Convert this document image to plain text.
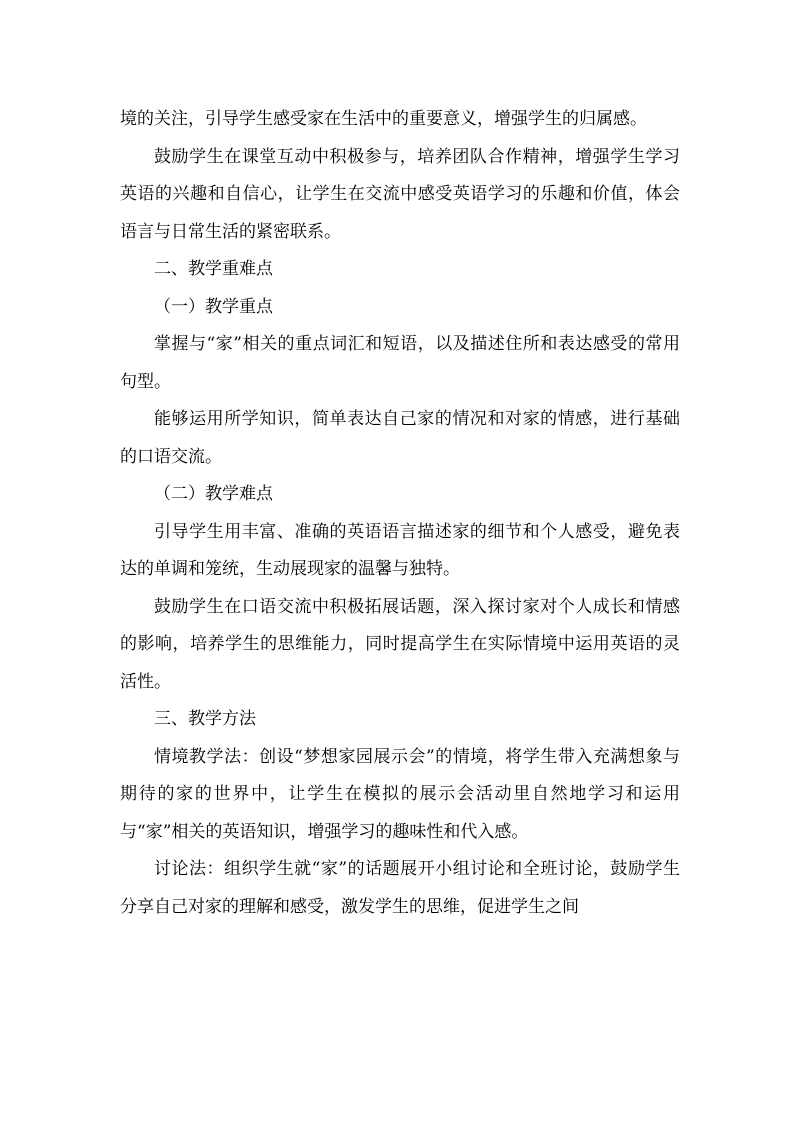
境的关注，引导学生感受家在生活中的重要意义，增强学生的归属感。

鼓励学生在课堂互动中积极参与，培养团队合作精神，增强学生学习英语的兴趣和自信心，让学生在交流中感受英语学习的乐趣和价值，体会语言与日常生活的紧密联系。

二、教学重难点

（一）教学重点

掌握与“家”相关的重点词汇和短语，以及描述住所和表达感受的常用句型。

能够运用所学知识，简单表达自己家的情况和对家的情感，进行基础的口语交流。

（二）教学难点

引导学生用丰富、准确的英语语言描述家的细节和个人感受，避免表达的单调和笼统，生动展现家的温馨与独特。

鼓励学生在口语交流中积极拓展话题，深入探讨家对个人成长和情感的影响，培养学生的思维能力，同时提高学生在实际情境中运用英语的灵活性。

三、教学方法

情境教学法：创设“梦想家园展示会”的情境，将学生带入充满想象与期待的家的世界中，让学生在模拟的展示会活动里自然地学习和运用与“家”相关的英语知识，增强学习的趣味性和代入感。

讨论法：组织学生就“家”的话题展开小组讨论和全班讨论，鼓励学生分享自己对家的理解和感受，激发学生的思维，促进学生之间
